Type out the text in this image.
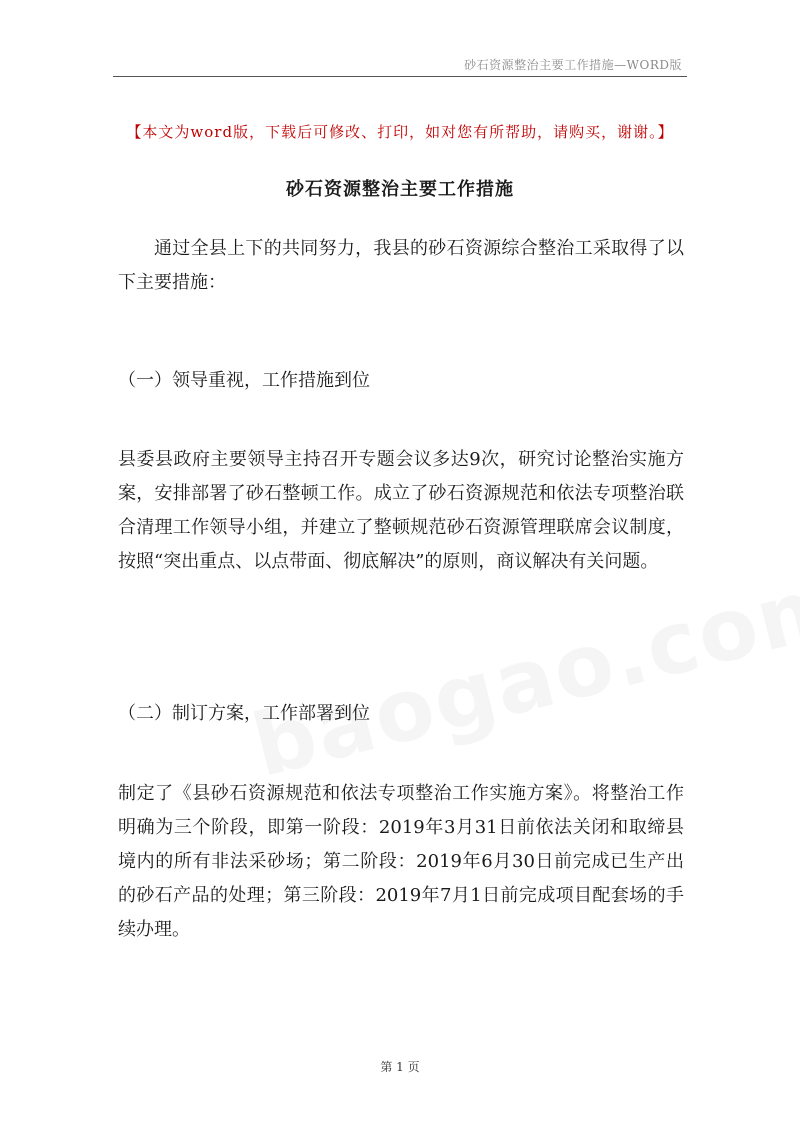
砂石资源整治主要工作措施—WORD版
【本文为word版，下载后可修改、打印，如对您有所帮助，请购买，谢谢。】
砂石资源整治主要工作措施

通过全县上下的共同努力，我县的砂石资源综合整治工采取得了以下主要措施：

（一）领导重视，工作措施到位

县委县政府主要领导主持召开专题会议多达9次，研究讨论整治实施方案，安排部署了砂石整顿工作。成立了砂石资源规范和依法专项整治联合清理工作领导小组，并建立了整顿规范砂石资源管理联席会议制度，按照“突出重点、以点带面、彻底解决”的原则，商议解决有关问题。

（二）制订方案，工作部署到位

制定了《县砂石资源规范和依法专项整治工作实施方案》。将整治工作明确为三个阶段，即第一阶段：2019年3月31日前依法关闭和取缔县境内的所有非法采砂场；第二阶段：2019年6月30日前完成已生产出的砂石产品的处理；第三阶段：2019年7月1日前完成项目配套场的手续办理。

第 1 页
